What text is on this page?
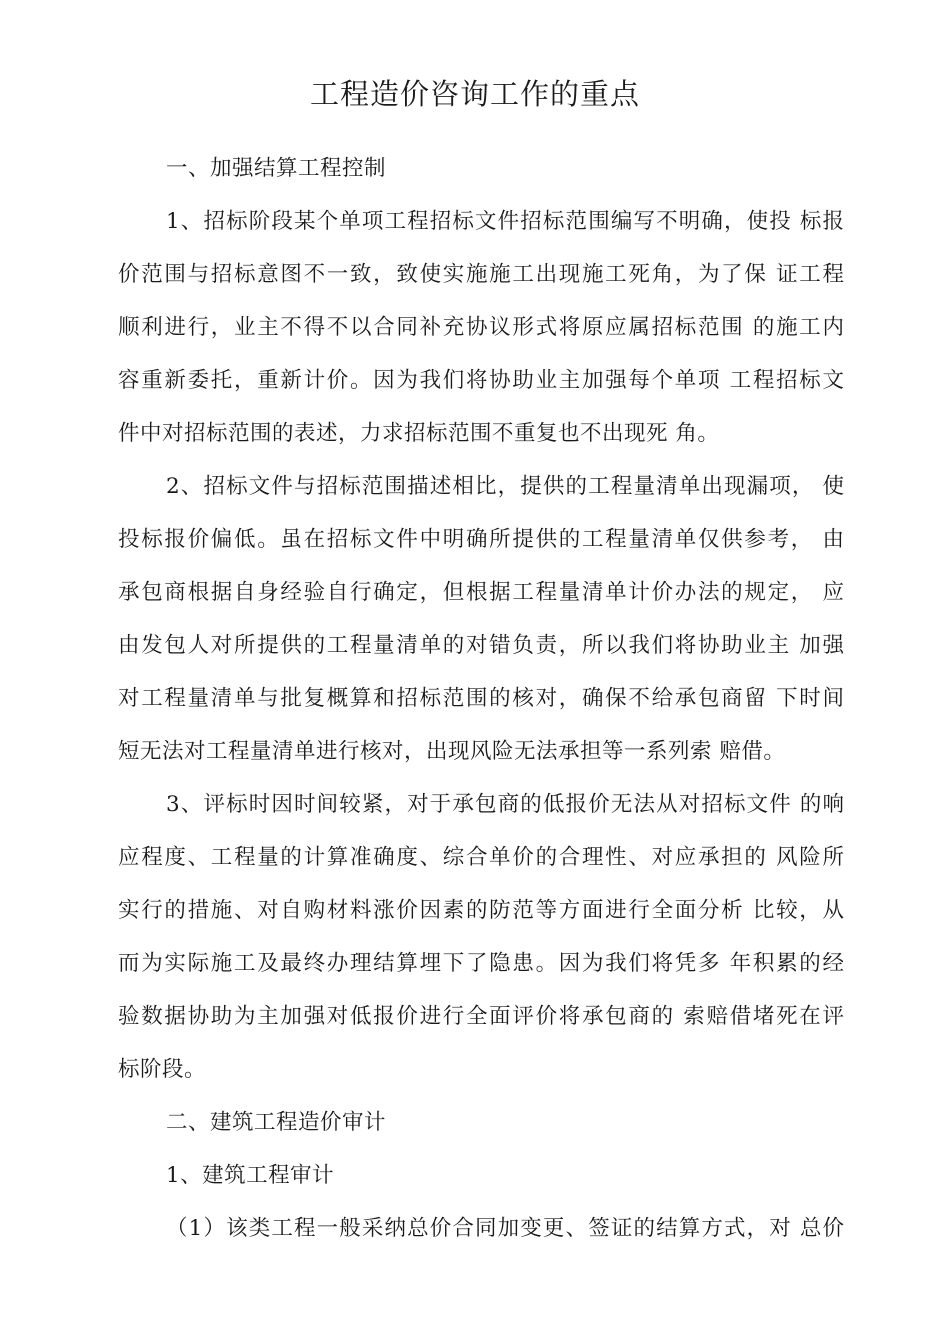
工程造价咨询工作的重点
一、加强结算工程控制
1、招标阶段某个单项工程招标文件招标范围编写不明确，使投 标报
价范围与招标意图不一致，致使实施施工出现施工死角，为了保 证工程
顺利进行，业主不得不以合同补充协议形式将原应属招标范围 的施工内
容重新委托，重新计价。因为我们将协助业主加强每个单项 工程招标文
件中对招标范围的表述，力求招标范围不重复也不出现死 角。
2、招标文件与招标范围描述相比，提供的工程量清单出现漏项， 使
投标报价偏低。虽在招标文件中明确所提供的工程量清单仅供参考， 由
承包商根据自身经验自行确定，但根据工程量清单计价办法的规定， 应
由发包人对所提供的工程量清单的对错负责，所以我们将协助业主 加强
对工程量清单与批复概算和招标范围的核对，确保不给承包商留 下时间
短无法对工程量清单进行核对，出现风险无法承担等一系列索 赔借。
3、评标时因时间较紧，对于承包商的低报价无法从对招标文件 的响
应程度、工程量的计算准确度、综合单价的合理性、对应承担的 风险所
实行的措施、对自购材料涨价因素的防范等方面进行全面分析 比较，从
而为实际施工及最终办理结算埋下了隐患。因为我们将凭多 年积累的经
验数据协助为主加强对低报价进行全面评价将承包商的 索赔借堵死在评
标阶段。
二、建筑工程造价审计
1、建筑工程审计
（1）该类工程一般采纳总价合同加变更、签证的结算方式，对 总价
